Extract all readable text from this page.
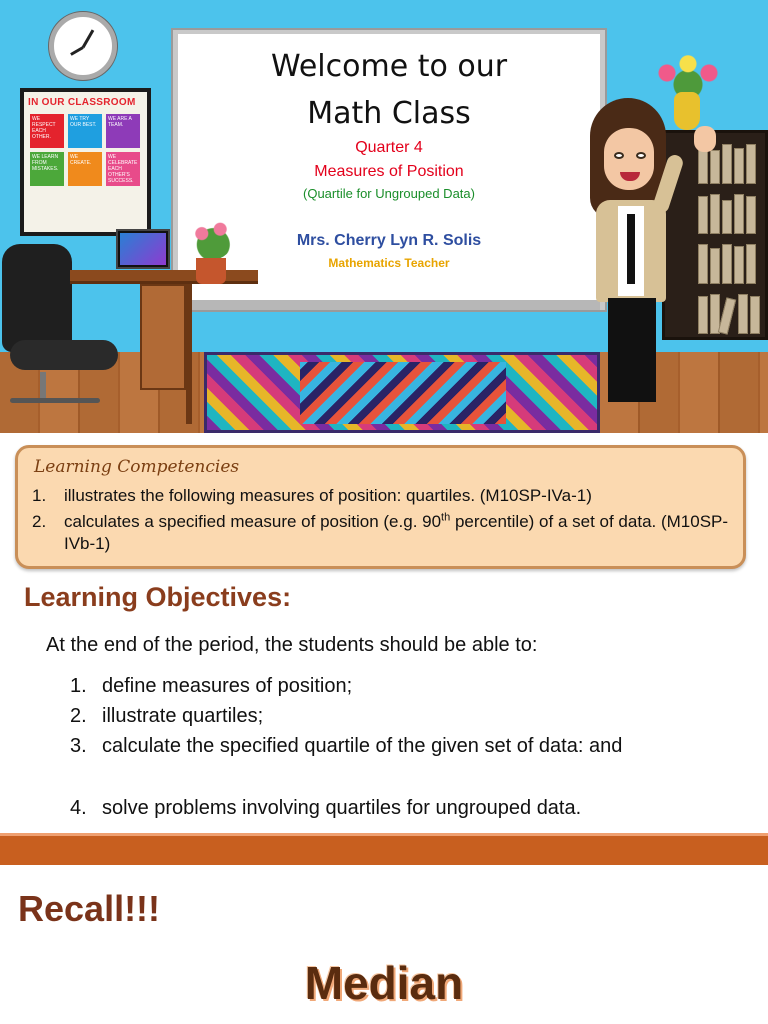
IN OUR CLASSROOM
WE RESPECT EACH OTHER.
WE TRY OUR BEST.
WE ARE A TEAM.
WE LEARN FROM MISTAKES.
WE CREATE.
WE CELEBRATE EACH OTHER'S SUCCESS.
Welcome to our
Math Class
Quarter 4
Measures of Position
(Quartile for Ungrouped Data)
Mrs. Cherry Lyn R. Solis
Mathematics Teacher
Learning Competencies
1.	illustrates the following measures of position: quartiles. (M10SP-IVa-1)
2.	calculates a specified measure of position (e.g. 90th percentile) of a set of data. (M10SP-IVb-1)
Learning Objectives:
At the end of the period, the students should be able to:
1. define measures of position;
2. illustrate quartiles;
3. calculate the specified quartile of the given set of data: and
4. solve problems involving quartiles for ungrouped data.
Recall!!!
Median
